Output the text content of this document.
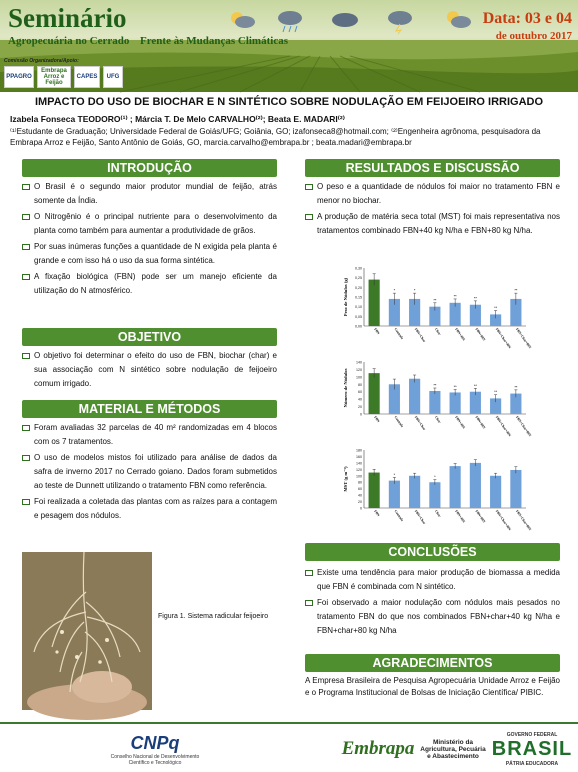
Seminário
Agropecuária no Cerrado Frente às Mudanças Climáticas
Data: 03 e 04
de outubro 2017
Comissão Organizadora/Apoio:
PPAGRO
Embrapa Arroz e Feijão
CAPES	UFG
IMPACTO DO USO DE BIOCHAR E N SINTÉTICO SOBRE NODULAÇÃO EM FEIJOEIRO IRRIGADO
Izabela Fonseca TEODORO⁽¹⁾ ; Márcia T. De Melo CARVALHO⁽²⁾; Beata E. MADARI⁽²⁾
⁽¹⁾Estudante de Graduação; Universidade Federal de Goiás/UFG; Goiânia, GO; izafonseca8@hotmail.com; ⁽²⁾Engenheira agrônoma, pesquisadora da Embrapa Arroz e Feijão, Santo Antônio de Goiás, GO, marcia.carvalho@embrapa.br ; beata.madari@embrapa.br
INTRODUÇÃO
O Brasil é o segundo maior produtor mundial de feijão, atrás somente da Índia.
O Nitrogênio é o principal nutriente para o desenvolvimento da planta como também para aumentar a produtividade de grãos.
Por suas inúmeras funções a quantidade de N exigida pela planta é grande e com isso há o uso da sua forma sintética.
A fixação biológica (FBN) pode ser um manejo eficiente da utilização do N atmosférico.
OBJETIVO
O objetivo foi determinar o efeito do uso de FBN, biochar (char) e sua associação com N sintético sobre nodulação de feijoeiro comum irrigado.
MATERIAL E MÉTODOS
Foram avaliadas 32 parcelas de 40 m² randomizadas em 4 blocos com os 7 tratamentos.
O uso de modelos mistos foi utilizado para análise de dados da safra de inverno 2017 no Cerrado goiano. Dados foram submetidos ao teste de Dunnett utilizando o tratamento FBN como referência.
Foi realizada a coletada das plantas com as raízes para a contagem e pesagem dos nódulos.
Figura 1. Sistema radicular feijoeiro
RESULTADOS E DISCUSSÃO
O peso e a quantidade de nódulos foi maior no tratamento FBN e menor no biochar.
A produção de matéria seca total (MST) foi mais representativa nos tratamentos combinado FBN+40 kg N/ha e FBN+80 kg N/ha.
0,00
0,05
0,10
0,15
0,20
0,25
0,30
Peso de Nódulos (g)
FBN
*
Controle
*
FBN+Char
**
Char
**
FBN+40N
**
FBN+80N
**
FBN+Char+40N
**
FBN+Char+80N
0
20
40
60
80
100
120
140
Número de Nódulos
FBN	Controle	FBN+Char
**
Char
**
FBN+40N
**
FBN+80N
**
FBN+Char+40N
**
FBN+Char+80N
0
20
40
60
80
100
120
140
160
180
MST (g m⁻²)
FBN
*
Controle	FBN+Char
*
Char	FBN+40N	FBN+80N	FBN+Char+40N FBN+Char+80N
CONCLUSÕES
Existe uma tendência para maior produção de biomassa a medida que FBN é combinada com N sintético.
Foi observado a maior nodulação com nódulos mais pesados no tratamento FBN do que nos combinados FBN+char+40 kg N/ha e FBN+char+80 kg N/ha
AGRADECIMENTOS
A Empresa Brasileira de Pesquisa Agropecuária Unidade Arroz e Feijão e o Programa Institucional de Bolsas de Iniciação Científica/ PIBIC.
CNPq
Conselho Nacional de Desenvolvimento Científico e Tecnológico
Embrapa	Ministério da Agricultura, Pecuária e Abastecimento
GOVERNO FEDERAL
BRASIL
PÁTRIA EDUCADORA
